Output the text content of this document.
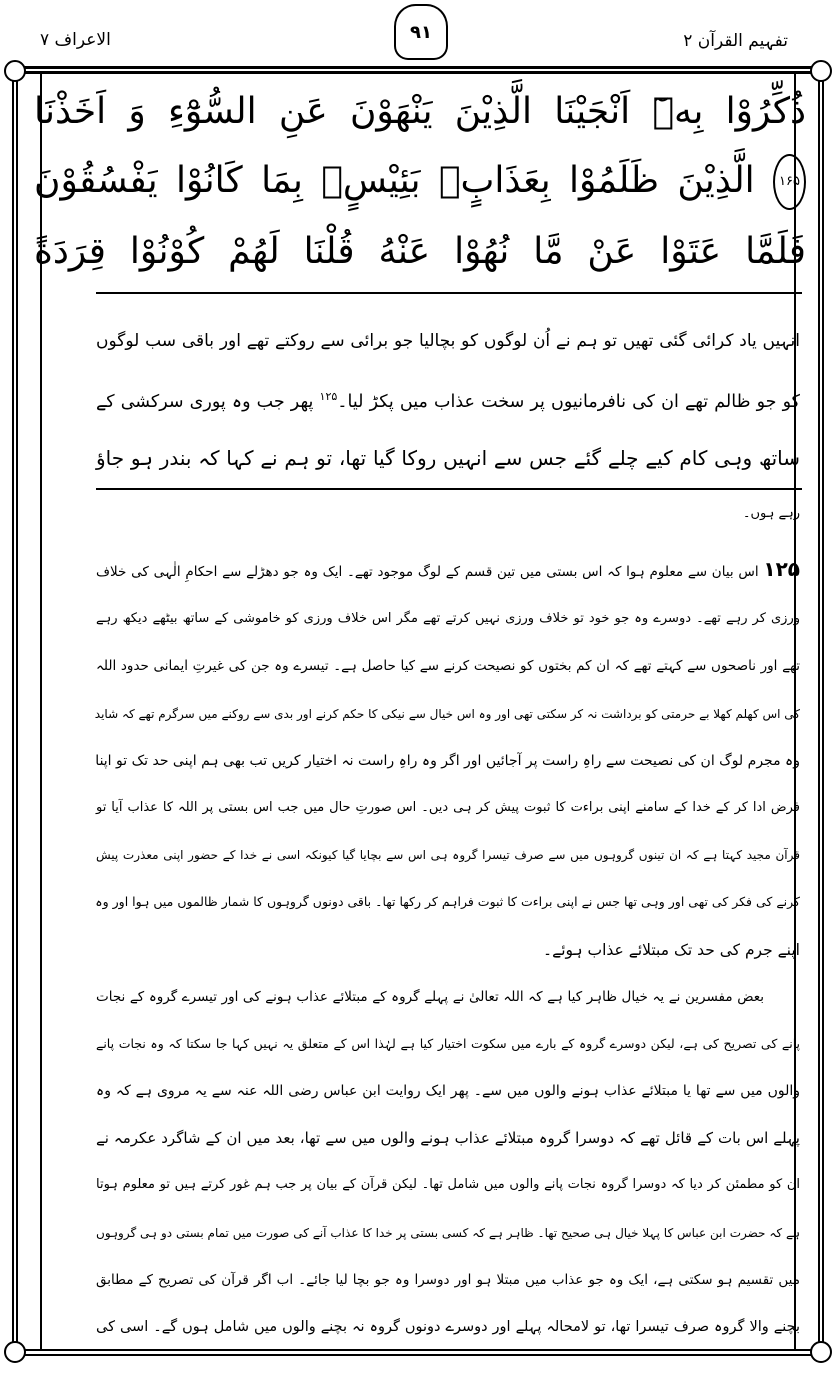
تفہیم القرآن ۲
۹۱
الاعراف ۷
ذُكِّرُوْا بِهٖٓ اَنْجَيْنَا الَّذِيْنَ يَنْهَوْنَ عَنِ السُّوْٓءِ وَ اَخَذْنَا
۱۶۵ الَّذِيْنَ ظَلَمُوْا بِعَذَابٍۭ بَئِيْسٍۭ بِمَا كَانُوْا يَفْسُقُوْنَ
فَلَمَّا عَتَوْا عَنْ مَّا نُهُوْا عَنْهُ قُلْنَا لَهُمْ كُوْنُوْا قِرَدَةً
انہیں یاد کرائی گئی تھیں تو ہم نے اُن لوگوں کو بچالیا جو برائی سے روکتے تھے اور باقی سب لوگوں
کو جو ظالم تھے ان کی نافرمانیوں پر سخت عذاب میں پکڑ لیا۔$^{۱۲۵}$ پھر جب وہ پوری سرکشی کے
ساتھ وہی کام کیے چلے گئے جس سے انہیں روکا گیا تھا، تو ہم نے کہا کہ بندر ہو جاؤ
رہے ہوں۔
۱۲۵ اس بیان سے معلوم ہوا کہ اس بستی میں تین قسم کے لوگ موجود تھے۔ ایک وہ جو دھڑلے سے احکامِ الٰہی کی خلاف
ورزی کر رہے تھے۔ دوسرے وہ جو خود تو خلاف ورزی نہیں کرتے تھے مگر اس خلاف ورزی کو خاموشی کے ساتھ بیٹھے دیکھ رہے
تھے اور ناصحوں سے کہتے تھے کہ ان کم بختوں کو نصیحت کرنے سے کیا حاصل ہے۔ تیسرے وہ جن کی غیرتِ ایمانی حدود اللہ
کی اس کھلم کھلا بے حرمتی کو برداشت نہ کر سکتی تھی اور وہ اس خیال سے نیکی کا حکم کرنے اور بدی سے روکنے میں سرگرم تھے کہ شاید
وہ مجرم لوگ ان کی نصیحت سے راہِ راست پر آجائیں اور اگر وہ راہِ راست نہ اختیار کریں تب بھی ہم اپنی حد تک تو اپنا
فرض ادا کر کے خدا کے سامنے اپنی براءت کا ثبوت پیش کر ہی دیں۔ اس صورتِ حال میں جب اس بستی پر اللہ کا عذاب آیا تو
قرآن مجید کہتا ہے کہ ان تینوں گروہوں میں سے صرف تیسرا گروہ ہی اس سے بچایا گیا کیونکہ اسی نے خدا کے حضور اپنی معذرت پیش
کرنے کی فکر کی تھی اور وہی تھا جس نے اپنی براءت کا ثبوت فراہم کر رکھا تھا۔ باقی دونوں گروہوں کا شمار ظالموں میں ہوا اور وہ
اپنے جرم کی حد تک مبتلائے عذاب ہوئے۔
بعض مفسرین نے یہ خیال ظاہر کیا ہے کہ اللہ تعالیٰ نے پہلے گروہ کے مبتلائے عذاب ہونے کی اور تیسرے گروہ کے نجات
پانے کی تصریح کی ہے، لیکن دوسرے گروہ کے بارے میں سکوت اختیار کیا ہے لہٰذا اس کے متعلق یہ نہیں کہا جا سکتا کہ وہ نجات پانے
والوں میں سے تھا یا مبتلائے عذاب ہونے والوں میں سے۔ پھر ایک روایت ابن عباس رضی اللہ عنہ سے یہ مروی ہے کہ وہ
پہلے اس بات کے قائل تھے کہ دوسرا گروہ مبتلائے عذاب ہونے والوں میں سے تھا، بعد میں ان کے شاگرد عکرمہ نے
ان کو مطمئن کر دیا کہ دوسرا گروہ نجات پانے والوں میں شامل تھا۔ لیکن قرآن کے بیان پر جب ہم غور کرتے ہیں تو معلوم ہوتا
ہے کہ حضرت ابن عباس کا پہلا خیال ہی صحیح تھا۔ ظاہر ہے کہ کسی بستی پر خدا کا عذاب آنے کی صورت میں تمام بستی دو ہی گروہوں
میں تقسیم ہو سکتی ہے، ایک وہ جو عذاب میں مبتلا ہو اور دوسرا وہ جو بچا لیا جائے۔ اب اگر قرآن کی تصریح کے مطابق
بچنے والا گروہ صرف تیسرا تھا، تو لامحالہ پہلے اور دوسرے دونوں گروہ نہ بچنے والوں میں شامل ہوں گے۔ اسی کی
